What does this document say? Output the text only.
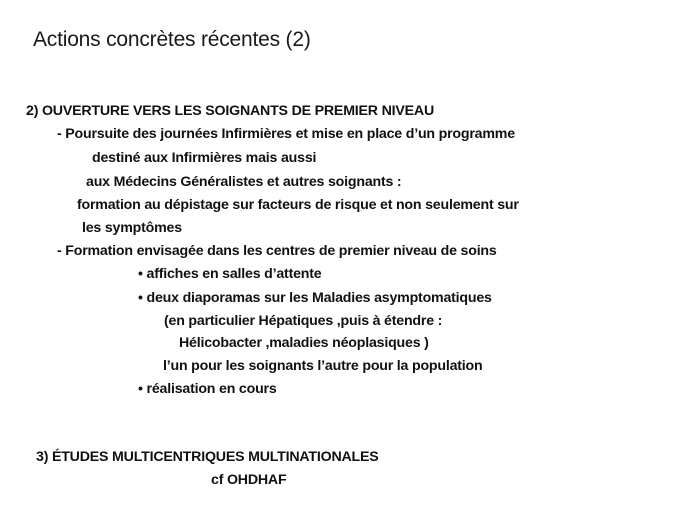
Actions concrètes récentes (2)
2) OUVERTURE VERS LES SOIGNANTS DE PREMIER NIVEAU
- Poursuite des journées Infirmières et mise en place d’un programme
destiné aux Infirmières mais aussi
aux Médecins Généralistes et autres soignants :
formation au dépistage sur facteurs de risque et non seulement sur
les symptômes
- Formation envisagée dans les centres de premier niveau de soins
• affiches en salles d’attente
• deux diaporamas sur les Maladies asymptomatiques
(en particulier Hépatiques ,puis à étendre :
Hélicobacter ,maladies néoplasiques )
l’un pour les soignants l’autre pour la population
• réalisation en cours
3) ÉTUDES MULTICENTRIQUES MULTINATIONALES
cf OHDHAF
